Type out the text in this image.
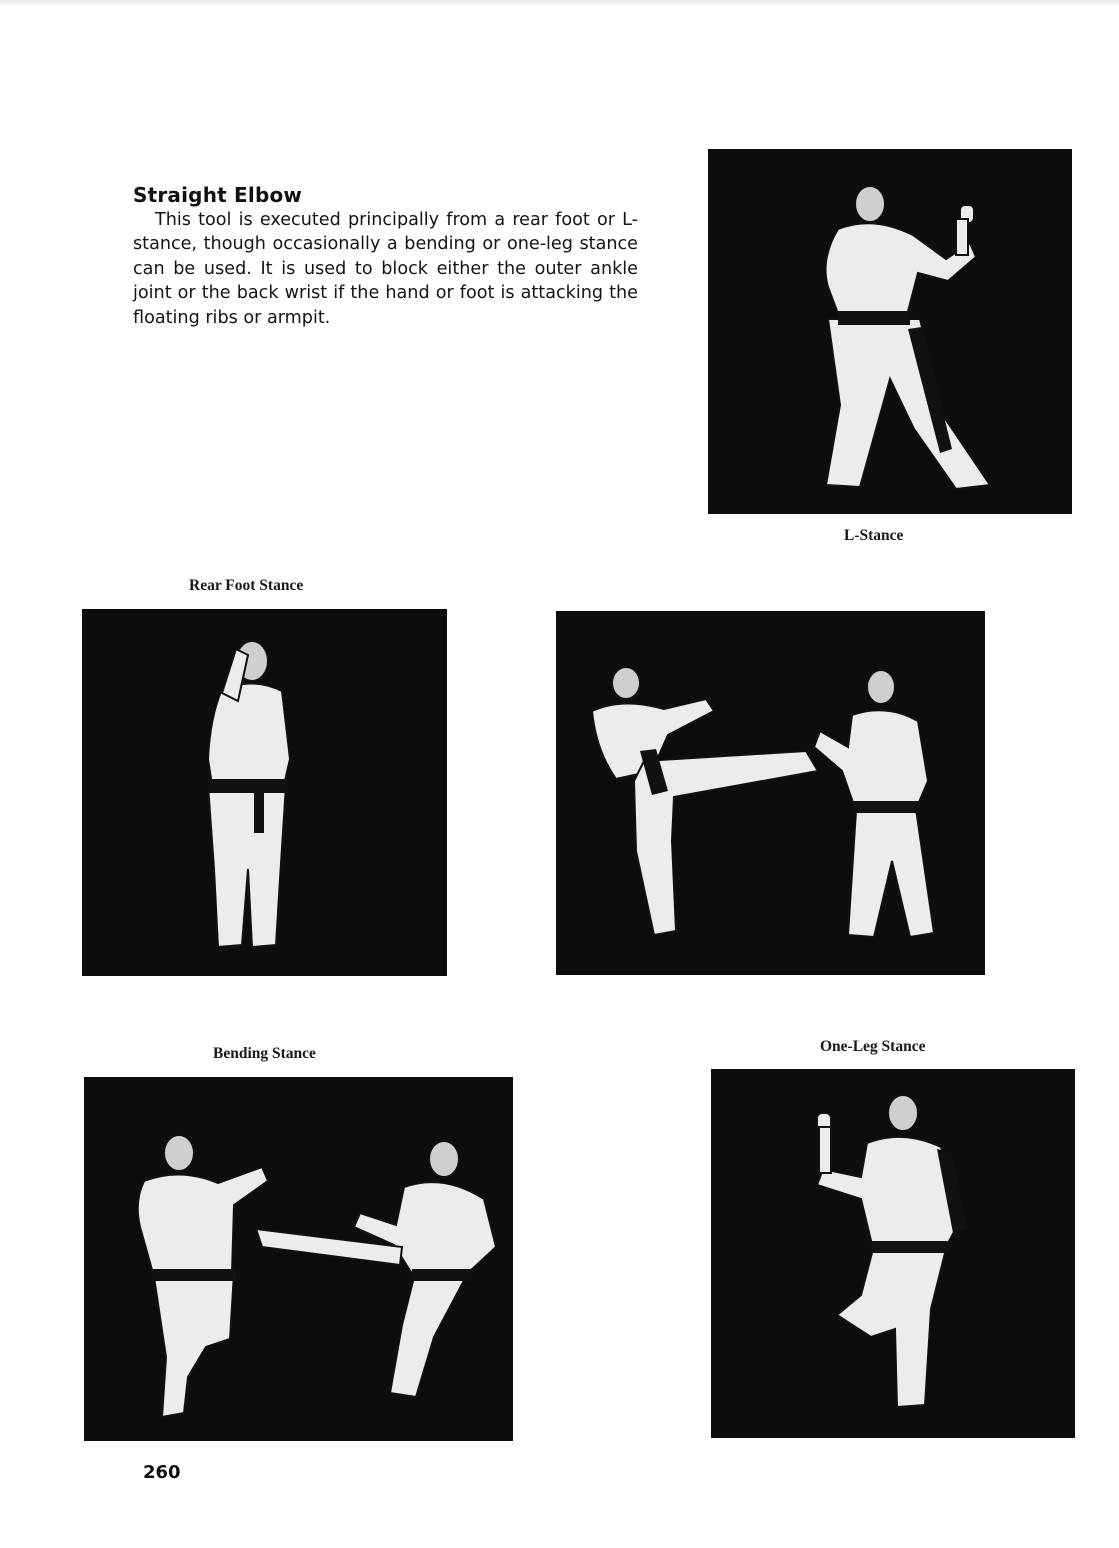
Straight Elbow
This tool is executed principally from a rear foot or L-stance, though occasionally a bending or one-leg stance can be used. It is used to block either the outer ankle joint or the back wrist if the hand or foot is attacking the floating ribs or armpit.
L-Stance
Rear Foot Stance
Bending Stance	One-Leg Stance
260
